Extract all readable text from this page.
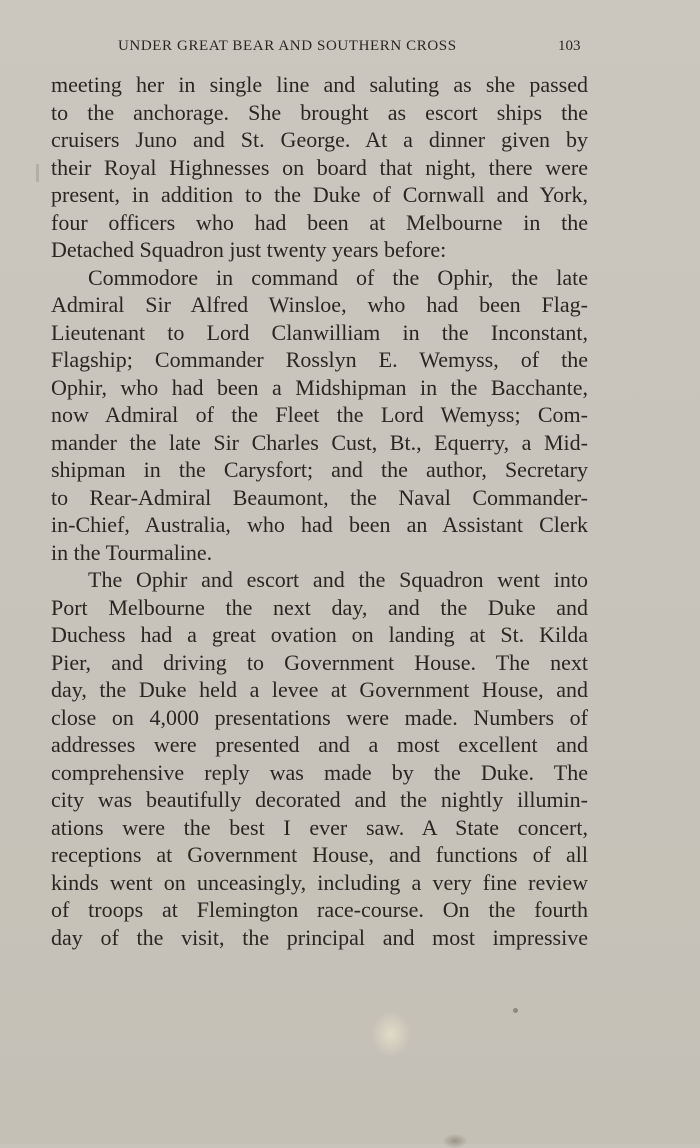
UNDER GREAT BEAR AND SOUTHERN CROSS	103
meeting her in single line and saluting as she passed
to the anchorage. She brought as escort ships the
cruisers Juno and St. George. At a dinner given by
their Royal Highnesses on board that night, there were
present, in addition to the Duke of Cornwall and York,
four officers who had been at Melbourne in the
Detached Squadron just twenty years before:
Commodore in command of the Ophir, the late
Admiral Sir Alfred Winsloe, who had been Flag-
Lieutenant to Lord Clanwilliam in the Inconstant,
Flagship; Commander Rosslyn E. Wemyss, of the
Ophir, who had been a Midshipman in the Bacchante,
now Admiral of the Fleet the Lord Wemyss; Com-
mander the late Sir Charles Cust, Bt., Equerry, a Mid-
shipman in the Carysfort; and the author, Secretary
to Rear-Admiral Beaumont, the Naval Commander-
in-Chief, Australia, who had been an Assistant Clerk
in the Tourmaline.
The Ophir and escort and the Squadron went into
Port Melbourne the next day, and the Duke and
Duchess had a great ovation on landing at St. Kilda
Pier, and driving to Government House. The next
day, the Duke held a levee at Government House, and
close on 4,000 presentations were made. Numbers of
addresses were presented and a most excellent and
comprehensive reply was made by the Duke. The
city was beautifully decorated and the nightly illumin-
ations were the best I ever saw. A State concert,
receptions at Government House, and functions of all
kinds went on unceasingly, including a very fine review
of troops at Flemington race-course. On the fourth
day of the visit, the principal and most impressive
